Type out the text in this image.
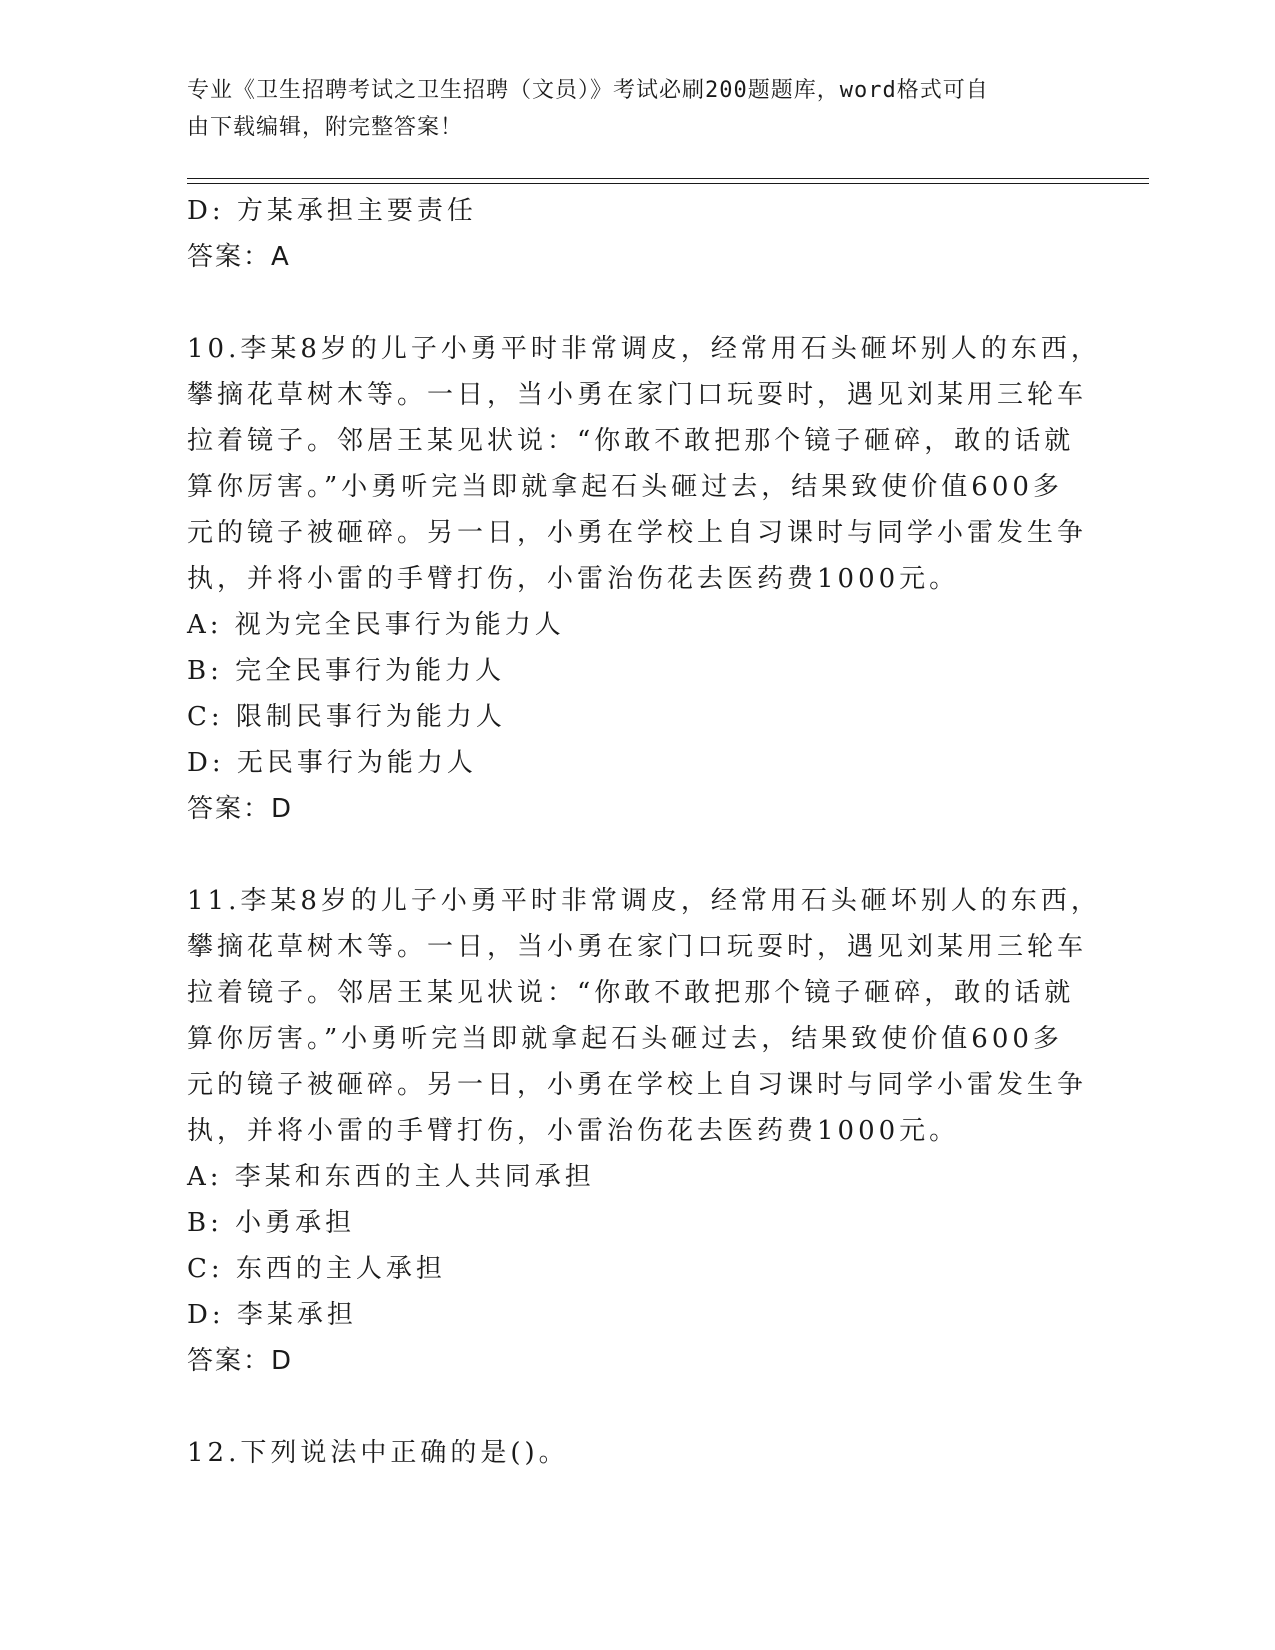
专业《卫生招聘考试之卫生招聘（文员）》考试必刷200题题库，word格式可自
由下载编辑，附完整答案！
D: 方某承担主要责任
答案：A
10.李某8岁的儿子小勇平时非常调皮，经常用石头砸坏别人的东西，
攀摘花草树木等。一日，当小勇在家门口玩耍时，遇见刘某用三轮车
拉着镜子。邻居王某见状说：“你敢不敢把那个镜子砸碎，敢的话就
算你厉害。”小勇听完当即就拿起石头砸过去，结果致使价值600多
元的镜子被砸碎。另一日，小勇在学校上自习课时与同学小雷发生争
执，并将小雷的手臂打伤，小雷治伤花去医药费1000元。
A: 视为完全民事行为能力人
B: 完全民事行为能力人
C: 限制民事行为能力人
D: 无民事行为能力人
答案：D
11.李某8岁的儿子小勇平时非常调皮，经常用石头砸坏别人的东西，
攀摘花草树木等。一日，当小勇在家门口玩耍时，遇见刘某用三轮车
拉着镜子。邻居王某见状说：“你敢不敢把那个镜子砸碎，敢的话就
算你厉害。”小勇听完当即就拿起石头砸过去，结果致使价值600多
元的镜子被砸碎。另一日，小勇在学校上自习课时与同学小雷发生争
执，并将小雷的手臂打伤，小雷治伤花去医药费1000元。
A: 李某和东西的主人共同承担
B: 小勇承担
C: 东西的主人承担
D: 李某承担
答案：D
12.下列说法中正确的是()。
